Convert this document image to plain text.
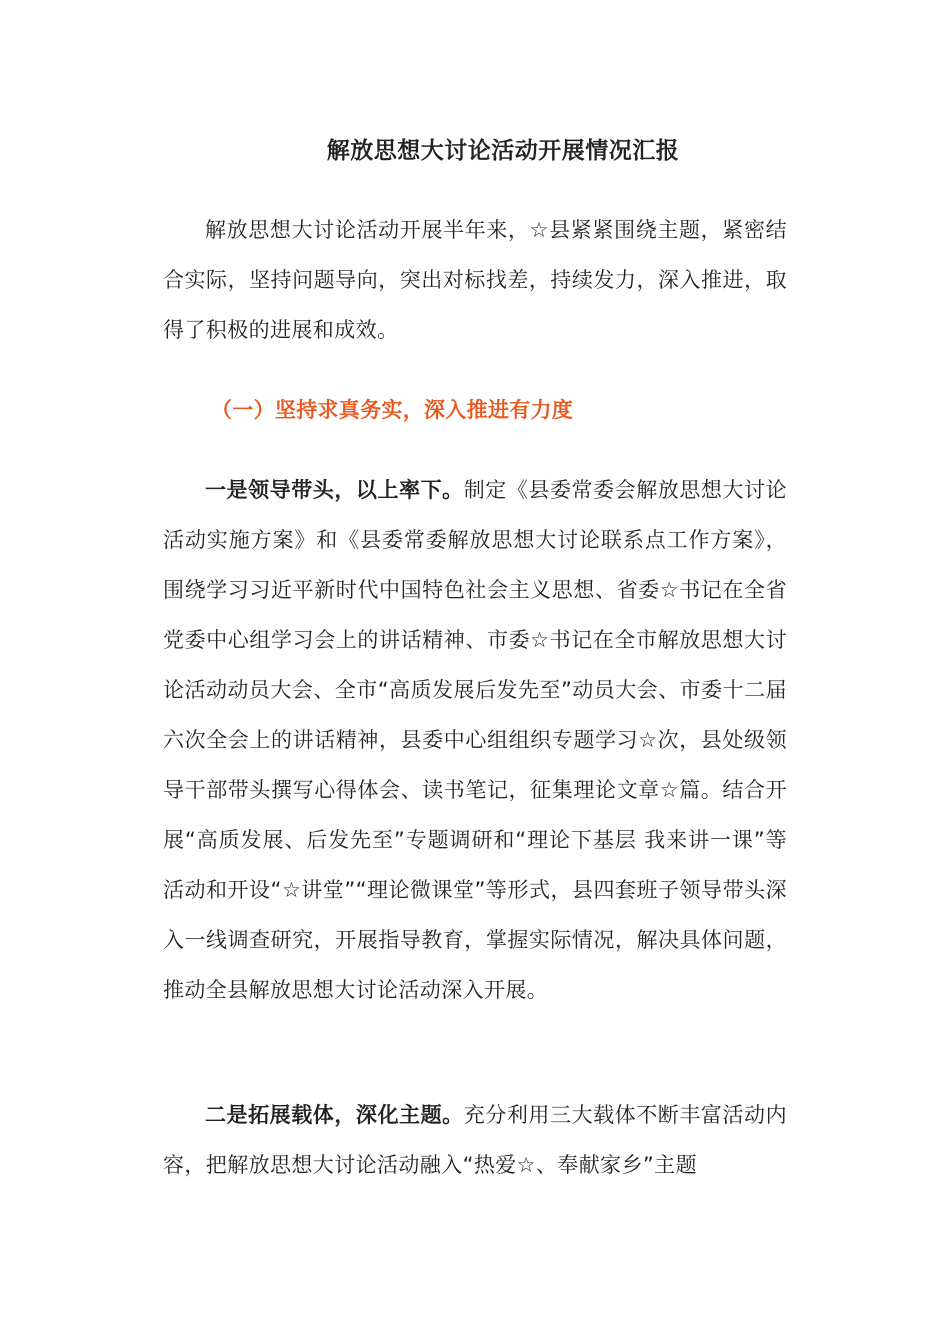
解放思想大讨论活动开展情况汇报

解放思想大讨论活动开展半年来，☆县紧紧围绕主题，紧密结合实际，坚持问题导向，突出对标找差，持续发力，深入推进，取得了积极的进展和成效。

（一）坚持求真务实，深入推进有力度

一是领导带头，以上率下。制定《县委常委会解放思想大讨论活动实施方案》和《县委常委解放思想大讨论联系点工作方案》，围绕学习习近平新时代中国特色社会主义思想、省委☆书记在全省党委中心组学习会上的讲话精神、市委☆书记在全市解放思想大讨论活动动员大会、全市“高质发展后发先至”动员大会、市委十二届六次全会上的讲话精神，县委中心组组织专题学习☆次，县处级领导干部带头撰写心得体会、读书笔记，征集理论文章☆篇。结合开展“高质发展、后发先至”专题调研和“理论下基层 我来讲一课”等活动和开设“☆讲堂”“理论微课堂”等形式，县四套班子领导带头深入一线调查研究，开展指导教育，掌握实际情况，解决具体问题，推动全县解放思想大讨论活动深入开展。

二是拓展载体，深化主题。充分利用三大载体不断丰富活动内容，把解放思想大讨论活动融入“热爱☆、奉献家乡”主题
